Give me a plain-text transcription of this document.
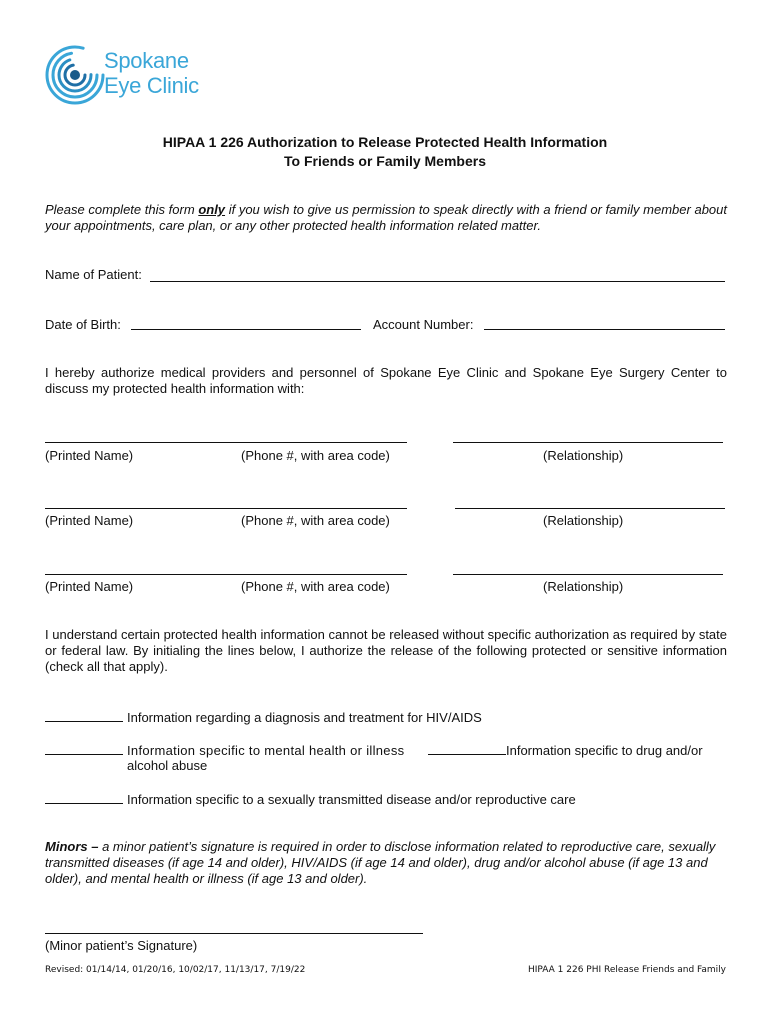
Spokane
Eye Clinic
HIPAA 1 226 Authorization to Release Protected Health Information
To Friends or Family Members
Please complete this form only if you wish to give us permission to speak directly with a friend or family member about your appointments, care plan, or any other protected health information related matter.
Name of Patient:
Date of Birth:	Account Number:
I hereby authorize medical providers and personnel of Spokane Eye Clinic and Spokane Eye Surgery Center to discuss my protected health information with:
(Printed Name)	(Phone #, with area code)	(Relationship)
(Printed Name)	(Phone #, with area code)	(Relationship)
(Printed Name)	(Phone #, with area code)	(Relationship)
I understand certain protected health information cannot be released without specific authorization as required by state or federal law. By initialing the lines below, I authorize the release of the following protected or sensitive information (check all that apply).
Information regarding a diagnosis and treatment for HIV/AIDS
Information specific to mental health or illness	Information specific to drug and/or
alcohol abuse
Information specific to a sexually transmitted disease and/or reproductive care
Minors – a minor patient’s signature is required in order to disclose information related to reproductive care, sexually transmitted diseases (if age 14 and older), HIV/AIDS (if age 14 and older), drug and/or alcohol abuse (if age 13 and older), and mental health or illness (if age 13 and older).
(Minor patient’s Signature)
Revised: 01/14/14, 01/20/16, 10/02/17, 11/13/17, 7/19/22	HIPAA 1 226 PHI Release Friends and Family
